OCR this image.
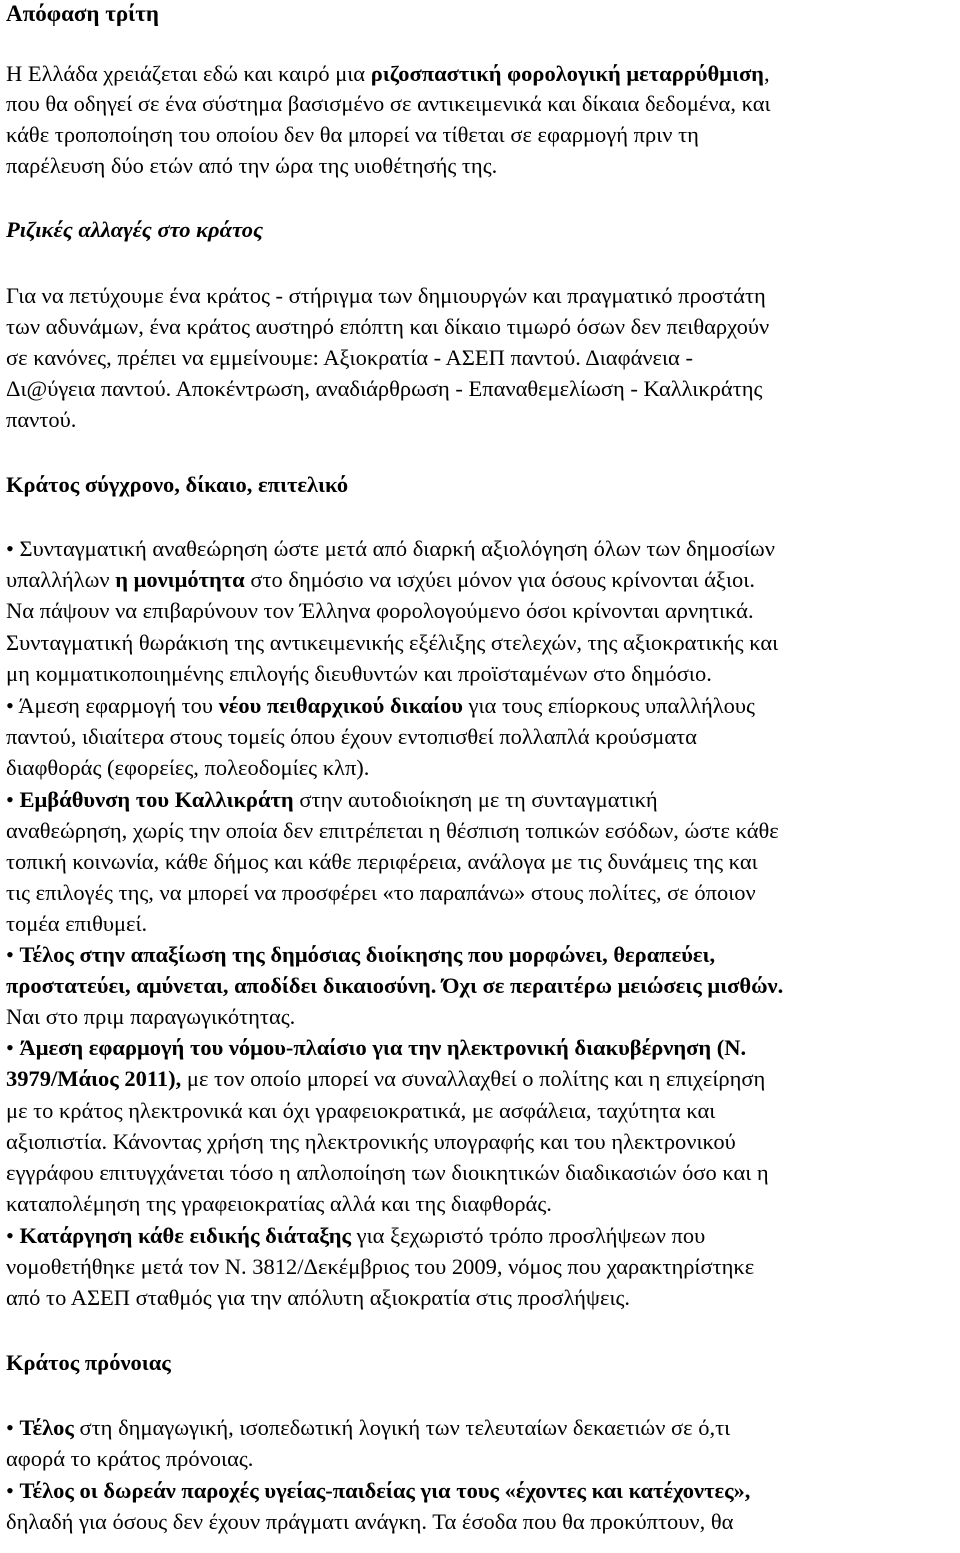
Απόφαση τρίτη
Η Ελλάδα χρειάζεται εδώ και καιρό μια ριζοσπαστική φορολογική μεταρρύθμιση,
που θα οδηγεί σε ένα σύστημα βασισμένο σε αντικειμενικά και δίκαια δεδομένα, και
κάθε τροποποίηση του οποίου δεν θα μπορεί να τίθεται σε εφαρμογή πριν τη
παρέλευση δύο ετών από την ώρα της υιοθέτησής της.
Ριζικές αλλαγές στο κράτος
Για να πετύχουμε ένα κράτος - στήριγμα των δημιουργών και πραγματικό προστάτη
των αδυνάμων, ένα κράτος αυστηρό επόπτη και δίκαιο τιμωρό όσων δεν πειθαρχούν
σε κανόνες, πρέπει να εμμείνουμε: Αξιοκρατία - ΑΣΕΠ παντού. Διαφάνεια -
Δι@ύγεια παντού. Αποκέντρωση, αναδιάρθρωση - Επαναθεμελίωση - Καλλικράτης
παντού.
Κράτος σύγχρονο, δίκαιο, επιτελικό
• Συνταγματική αναθεώρηση ώστε μετά από διαρκή αξιολόγηση όλων των δημοσίων
υπαλλήλων η μονιμότητα στο δημόσιο να ισχύει μόνον για όσους κρίνονται άξιοι.
Να πάψουν να επιβαρύνουν τον Έλληνα φορολογούμενο όσοι κρίνονται αρνητικά.
Συνταγματική θωράκιση της αντικειμενικής εξέλιξης στελεχών, της αξιοκρατικής και
μη κομματικοποιημένης επιλογής διευθυντών και προϊσταμένων στο δημόσιο.
• Άμεση εφαρμογή του νέου πειθαρχικού δικαίου για τους επίορκους υπαλλήλους
παντού, ιδιαίτερα στους τομείς όπου έχουν εντοπισθεί πολλαπλά κρούσματα
διαφθοράς (εφορείες, πολεοδομίες κλπ).
• Εμβάθυνση του Καλλικράτη στην αυτοδιοίκηση με τη συνταγματική
αναθεώρηση, χωρίς την οποία δεν επιτρέπεται η θέσπιση τοπικών εσόδων, ώστε κάθε
τοπική κοινωνία, κάθε δήμος και κάθε περιφέρεια, ανάλογα με τις δυνάμεις της και
τις επιλογές της, να μπορεί να προσφέρει «το παραπάνω» στους πολίτες, σε όποιον
τομέα επιθυμεί.
• Τέλος στην απαξίωση της δημόσιας διοίκησης που μορφώνει, θεραπεύει,
προστατεύει, αμύνεται, αποδίδει δικαιοσύνη. Όχι σε περαιτέρω μειώσεις μισθών.
Ναι στο πριμ παραγωγικότητας.
• Άμεση εφαρμογή του νόμου-πλαίσιο για την ηλεκτρονική διακυβέρνηση (Ν.
3979/Μάιος 2011), με τον οποίο μπορεί να συναλλαχθεί ο πολίτης και η επιχείρηση
με το κράτος ηλεκτρονικά και όχι γραφειοκρατικά, με ασφάλεια, ταχύτητα και
αξιοπιστία. Κάνοντας χρήση της ηλεκτρονικής υπογραφής και του ηλεκτρονικού
εγγράφου επιτυγχάνεται τόσο η απλοποίηση των διοικητικών διαδικασιών όσο και η
καταπολέμηση της γραφειοκρατίας αλλά και της διαφθοράς.
• Κατάργηση κάθε ειδικής διάταξης για ξεχωριστό τρόπο προσλήψεων που
νομοθετήθηκε μετά τον Ν. 3812/Δεκέμβριος του 2009, νόμος που χαρακτηρίστηκε
από το ΑΣΕΠ σταθμός για την απόλυτη αξιοκρατία στις προσλήψεις.
Κράτος πρόνοιας
• Τέλος στη δημαγωγική, ισοπεδωτική λογική των τελευταίων δεκαετιών σε ό,τι
αφορά το κράτος πρόνοιας.
• Τέλος οι δωρεάν παροχές υγείας-παιδείας για τους «έχοντες και κατέχοντες»,
δηλαδή για όσους δεν έχουν πράγματι ανάγκη. Τα έσοδα που θα προκύπτουν, θα
